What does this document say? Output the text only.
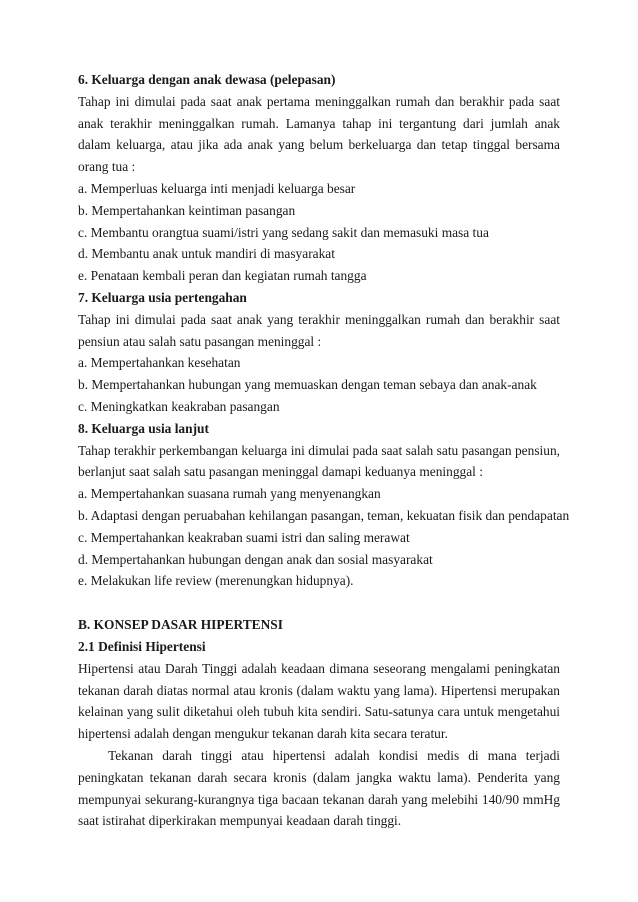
6. Keluarga dengan anak dewasa (pelepasan)

Tahap ini dimulai pada saat anak pertama meninggalkan rumah dan berakhir pada saat anak terakhir meninggalkan rumah. Lamanya tahap ini tergantung dari jumlah anak dalam keluarga, atau jika ada anak yang belum berkeluarga dan tetap tinggal bersama orang tua :

a. Memperluas keluarga inti menjadi keluarga besar

b. Mempertahankan keintiman pasangan

c. Membantu orangtua suami/istri yang sedang sakit dan memasuki masa tua

d. Membantu anak untuk mandiri di masyarakat

e. Penataan kembali peran dan kegiatan rumah tangga

7. Keluarga usia pertengahan

Tahap ini dimulai pada saat anak yang terakhir meninggalkan rumah dan berakhir saat pensiun atau salah satu pasangan meninggal :

a. Mempertahankan kesehatan

b. Mempertahankan hubungan yang memuaskan dengan teman sebaya dan anak-anak

c. Meningkatkan keakraban pasangan

8. Keluarga usia lanjut

Tahap terakhir perkembangan keluarga ini dimulai pada saat salah satu pasangan pensiun, berlanjut saat salah satu pasangan meninggal damapi keduanya meninggal :

a. Mempertahankan suasana rumah yang menyenangkan

b. Adaptasi dengan peruabahan kehilangan pasangan, teman, kekuatan fisik dan pendapatan

c. Mempertahankan keakraban suami istri dan saling merawat

d. Mempertahankan hubungan dengan anak dan sosial masyarakat

e. Melakukan life review (merenungkan hidupnya).

B. KONSEP DASAR HIPERTENSI

2.1 Definisi Hipertensi

Hipertensi atau Darah Tinggi adalah keadaan dimana seseorang mengalami peningkatan tekanan darah diatas normal atau kronis (dalam waktu yang lama). Hipertensi merupakan kelainan yang sulit diketahui oleh tubuh kita sendiri. Satu-satunya cara untuk mengetahui hipertensi adalah dengan mengukur tekanan darah kita secara teratur.

Tekanan darah tinggi atau hipertensi adalah kondisi medis di mana terjadi peningkatan tekanan darah secara kronis (dalam jangka waktu lama). Penderita yang mempunyai sekurang-kurangnya tiga bacaan tekanan darah yang melebihi 140/90 mmHg saat istirahat diperkirakan mempunyai keadaan darah tinggi.
